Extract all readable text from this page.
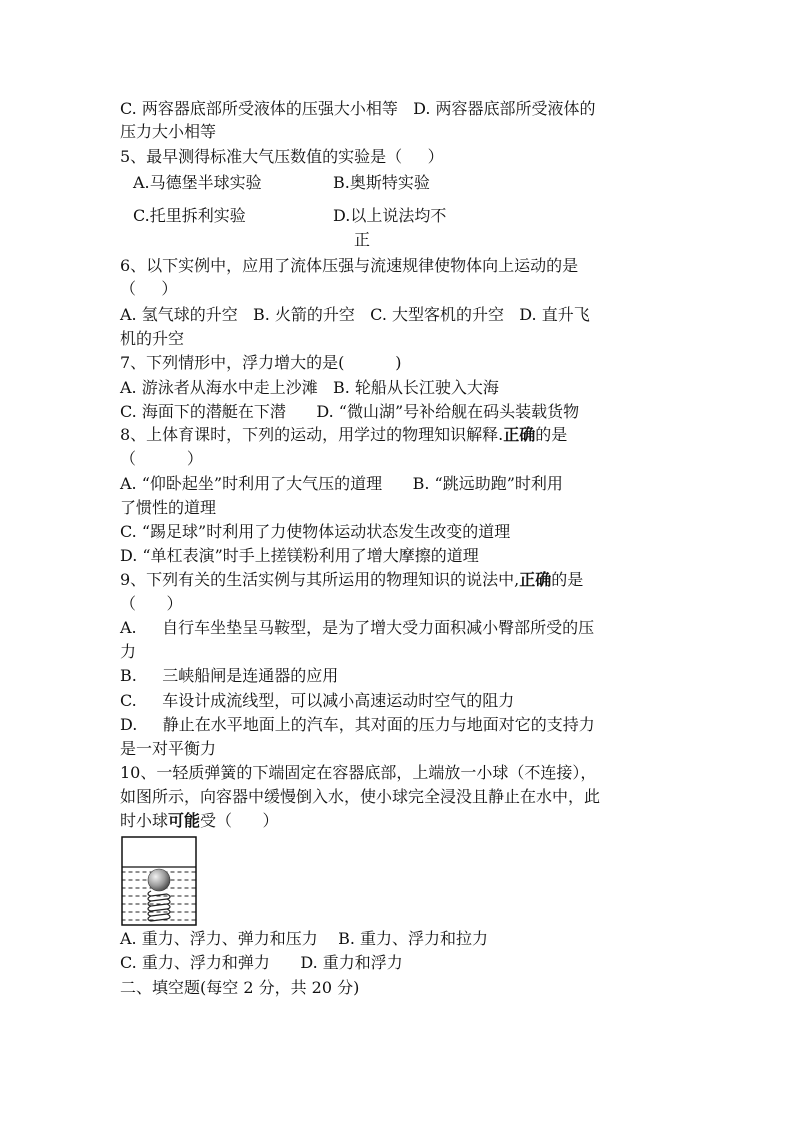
C. 两容器底部所受液体的压强大小相等   D. 两容器底部所受液体的
压力大小相等
5、最早测得标准大气压数值的实验是（     ）
A.马德堡半球实验	B.奥斯特实验
C.托里拆利实验	D.以上说法均不
正
6、以下实例中，应用了流体压强与流速规律使物体向上运动的是
（     ）
A. 氢气球的升空   B. 火箭的升空   C. 大型客机的升空   D. 直升飞
机的升空
7、下列情形中，浮力增大的是(          )
A. 游泳者从海水中走上沙滩   B. 轮船从长江驶入大海
C. 海面下的潜艇在下潜      D. “微山湖”号补给舰在码头装载货物
8、上体育课时，下列的运动，用学过的物理知识解释.正确的是
（          ）
A. “仰卧起坐”时利用了大气压的道理      B. “跳远助跑”时利用
了惯性的道理
C. “踢足球”时利用了力使物体运动状态发生改变的道理
D. “单杠表演”时手上搓镁粉利用了增大摩擦的道理
9、下列有关的生活实例与其所运用的物理知识的说法中,正确的是
（      ）
A.     自行车坐垫呈马鞍型，是为了增大受力面积减小臀部所受的压
力
B.     三峡船闸是连通器的应用
C.     车设计成流线型，可以减小高速运动时空气的阻力
D.     静止在水平地面上的汽车，其对面的压力与地面对它的支持力
是一对平衡力
10、一轻质弹簧的下端固定在容器底部，上端放一小球（不连接），
如图所示，向容器中缓慢倒入水，使小球完全浸没且静止在水中，此
时小球可能受（      ）
A. 重力、浮力、弹力和压力    B. 重力、浮力和拉力
C. 重力、浮力和弹力      D. 重力和浮力
二、填空题(每空 2 分，共 20 分)
